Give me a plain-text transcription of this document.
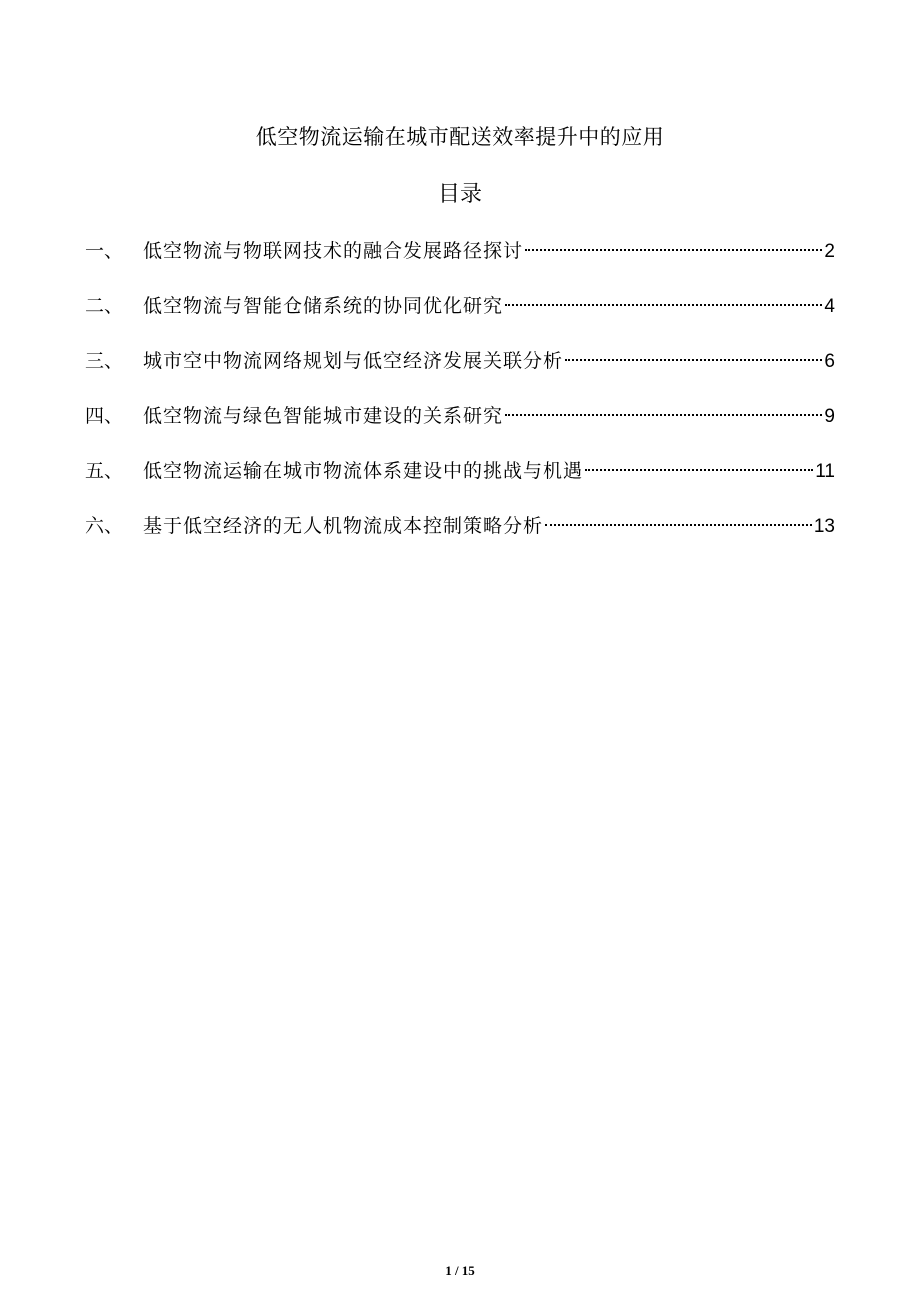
低空物流运输在城市配送效率提升中的应用
目录
一、	低空物流与物联网技术的融合发展路径探讨	2
二、	低空物流与智能仓储系统的协同优化研究	4
三、	城市空中物流网络规划与低空经济发展关联分析	6
四、	低空物流与绿色智能城市建设的关系研究	9
五、	低空物流运输在城市物流体系建设中的挑战与机遇	11
六、	基于低空经济的无人机物流成本控制策略分析	13
1 / 15
